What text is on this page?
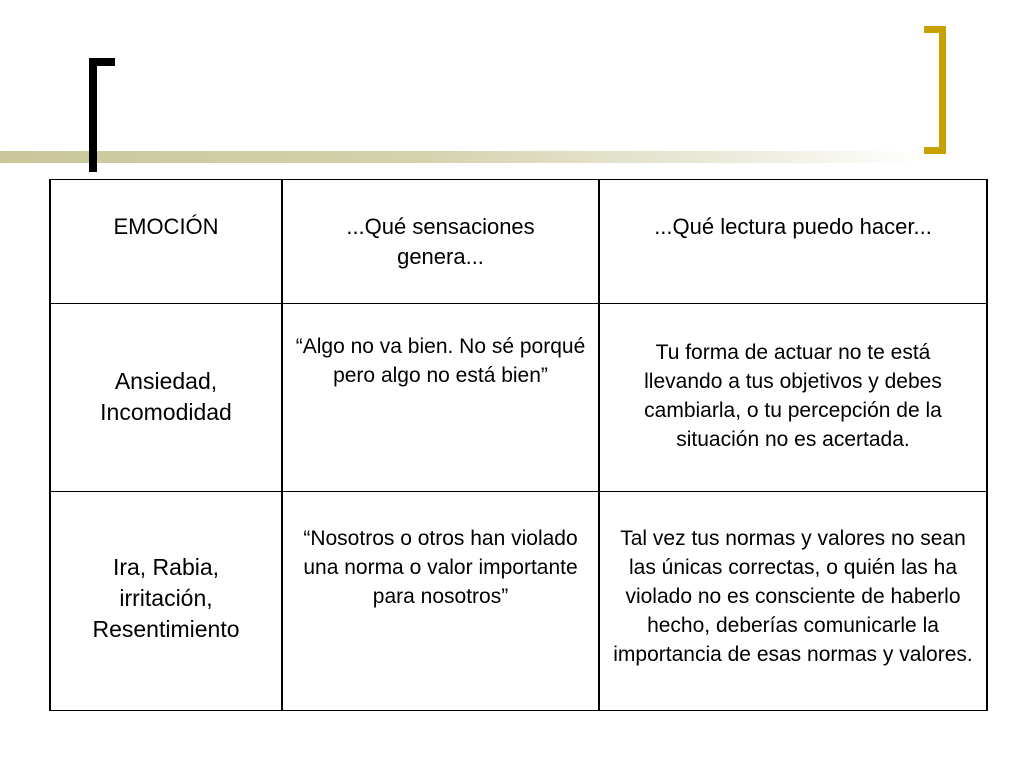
EMOCIÓN	...Qué sensaciones genera...	...Qué lectura puedo hacer...

Ansiedad, Incomodidad	“Algo no va bien. No sé porqué pero algo no está bien”	Tu forma de actuar no te está llevando a tus objetivos y debes cambiarla, o tu percepción de la situación no es acertada.

Ira, Rabia, irritación, Resentimiento	“Nosotros o otros han violado una norma o valor importante para nosotros”	Tal vez tus normas y valores no sean las únicas correctas, o quién las ha violado no es consciente de haberlo hecho, deberías comunicarle la importancia de esas normas y valores.
